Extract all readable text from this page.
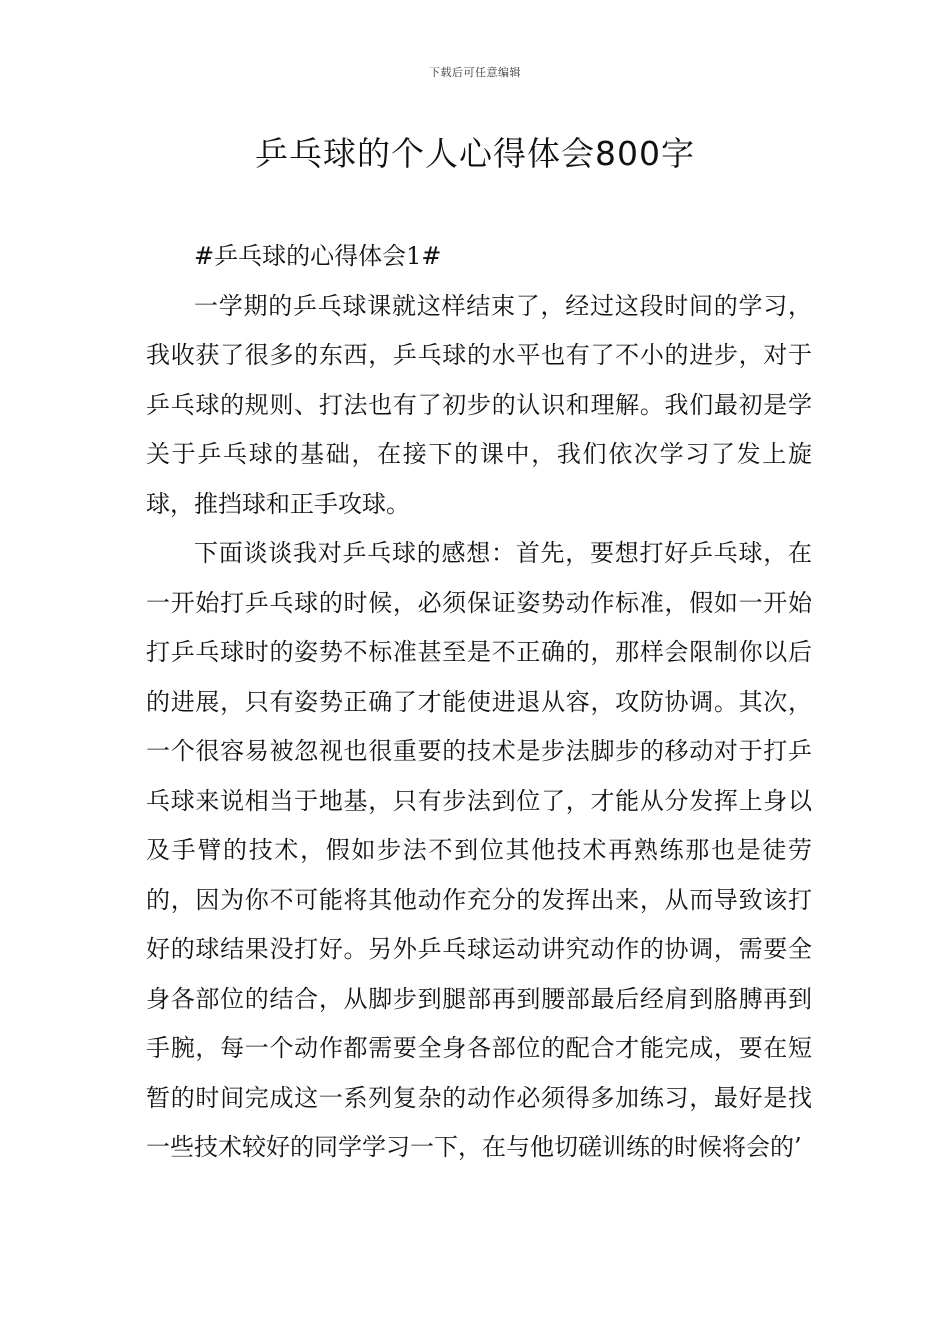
下载后可任意编辑
乒乓球的个人心得体会800字

#乒乓球的心得体会1#

一学期的乒乓球课就这样结束了，经过这段时间的学习，我收获了很多的东西，乒乓球的水平也有了不小的进步，对于乒乓球的规则、打法也有了初步的认识和理解。我们最初是学关于乒乓球的基础，在接下的课中，我们依次学习了发上旋球，推挡球和正手攻球。

下面谈谈我对乒乓球的感想：首先，要想打好乒乓球，在一开始打乒乓球的时候，必须保证姿势动作标准，假如一开始打乒乓球时的姿势不标准甚至是不正确的，那样会限制你以后的进展，只有姿势正确了才能使进退从容，攻防协调。其次，一个很容易被忽视也很重要的技术是步法脚步的移动对于打乒乓球来说相当于地基，只有步法到位了，才能从分发挥上身以及手臂的技术，假如步法不到位其他技术再熟练那也是徒劳的，因为你不可能将其他动作充分的发挥出来，从而导致该打好的球结果没打好。另外乒乓球运动讲究动作的协调，需要全身各部位的结合，从脚步到腿部再到腰部最后经肩到胳膊再到手腕，每一个动作都需要全身各部位的配合才能完成，要在短暂的时间完成这一系列复杂的动作必须得多加练习，最好是找一些技术较好的同学学习一下，在与他切磋训练的时候将会的’
